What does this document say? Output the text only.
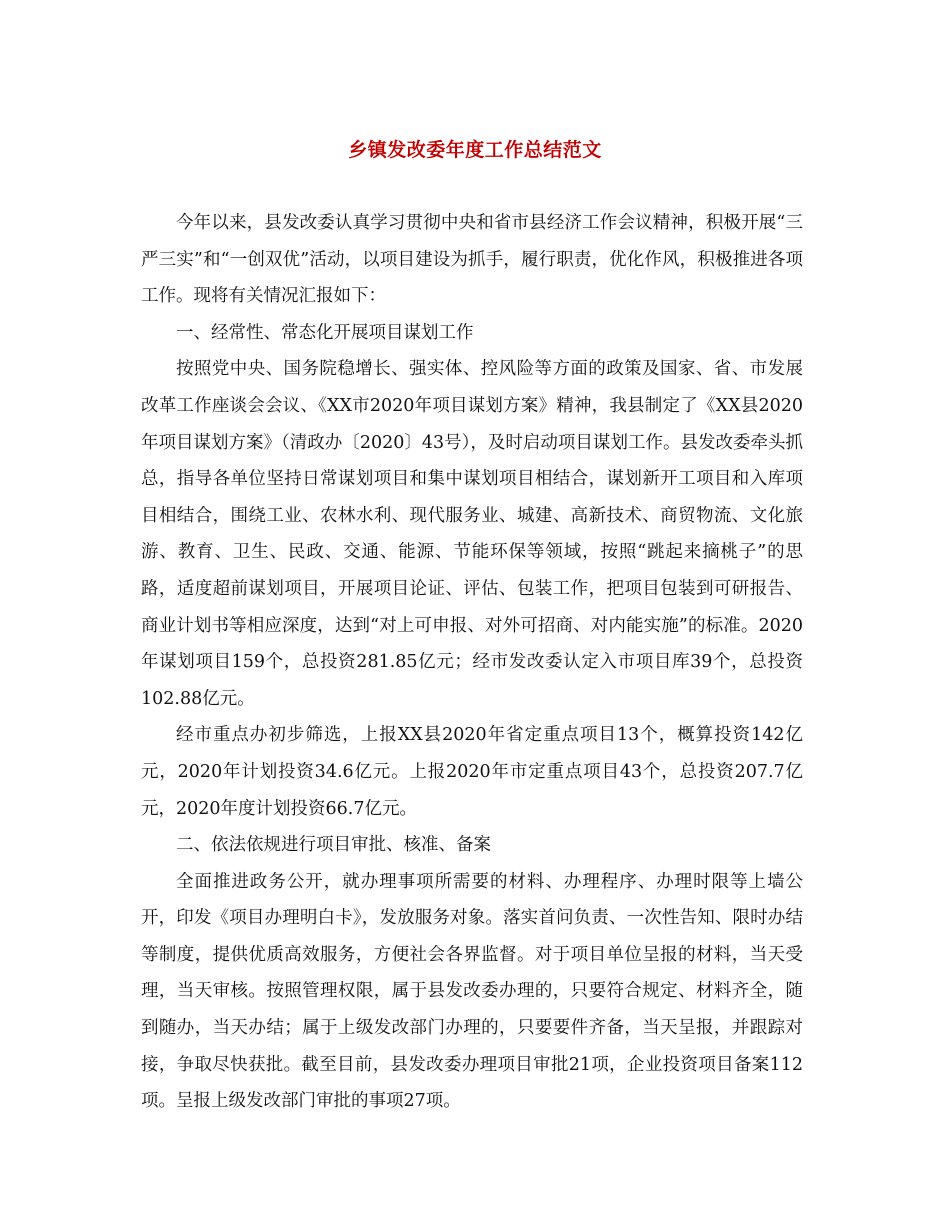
乡镇发改委年度工作总结范文

今年以来，县发改委认真学习贯彻中央和省市县经济工作会议精神，积极开展“三严三实”和“一创双优”活动，以项目建设为抓手，履行职责，优化作风，积极推进各项工作。现将有关情况汇报如下：

一、经常性、常态化开展项目谋划工作

按照党中央、国务院稳增长、强实体、控风险等方面的政策及国家、省、市发展改革工作座谈会会议、《XX市2020年项目谋划方案》精神，我县制定了《XX县2020年项目谋划方案》（清政办〔2020〕43号），及时启动项目谋划工作。县发改委牵头抓总，指导各单位坚持日常谋划项目和集中谋划项目相结合，谋划新开工项目和入库项目相结合，围绕工业、农林水利、现代服务业、城建、高新技术、商贸物流、文化旅游、教育、卫生、民政、交通、能源、节能环保等领域，按照“跳起来摘桃子”的思路，适度超前谋划项目，开展项目论证、评估、包装工作，把项目包装到可研报告、商业计划书等相应深度，达到“对上可申报、对外可招商、对内能实施”的标准。2020年谋划项目159个，总投资281.85亿元；经市发改委认定入市项目库39个，总投资102.88亿元。

经市重点办初步筛选，上报XX县2020年省定重点项目13个，概算投资142亿元，2020年计划投资34.6亿元。上报2020年市定重点项目43个，总投资207.7亿元，2020年度计划投资66.7亿元。

二、依法依规进行项目审批、核准、备案

全面推进政务公开，就办理事项所需要的材料、办理程序、办理时限等上墙公开，印发《项目办理明白卡》，发放服务对象。落实首问负责、一次性告知、限时办结等制度，提供优质高效服务，方便社会各界监督。对于项目单位呈报的材料，当天受理，当天审核。按照管理权限，属于县发改委办理的，只要符合规定、材料齐全，随到随办，当天办结；属于上级发改部门办理的，只要要件齐备，当天呈报，并跟踪对接，争取尽快获批。截至目前，县发改委办理项目审批21项，企业投资项目备案112项。呈报上级发改部门审批的事项27项。
